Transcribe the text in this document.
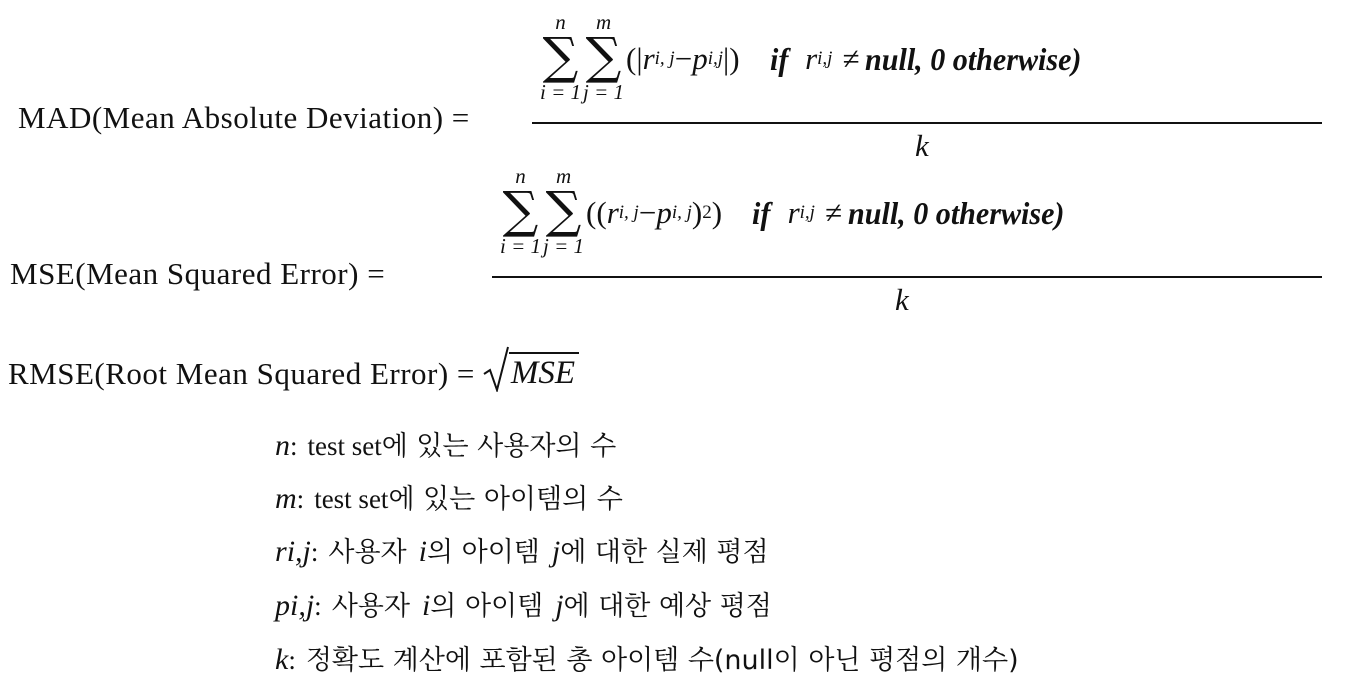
MAD(Mean Absolute Deviation) =
n
∑
i = 1
m
∑
j = 1
(| r i, j − p i,j |) if r i,j ≠ null, 0 otherwise)
k
MSE(Mean Squared Error) =
n
∑
i = 1
m
∑
j = 1
(( r i, j − p i, j ) 2 ) if r i,j ≠ null, 0 otherwise)
k
RMSE(Root Mean Squared Error) = MSE
n : test set 에 있는 사용자의 수
m : test set 에 있는 아이템의 수
r i,j : 사용자 i 의 아이템 j 에 대한 실제 평점
p i,j : 사용자 i 의 아이템 j 에 대한 예상 평점
k : 정확도 계산에 포함된 총 아이템 수(null이 아닌 평점의 개수)
